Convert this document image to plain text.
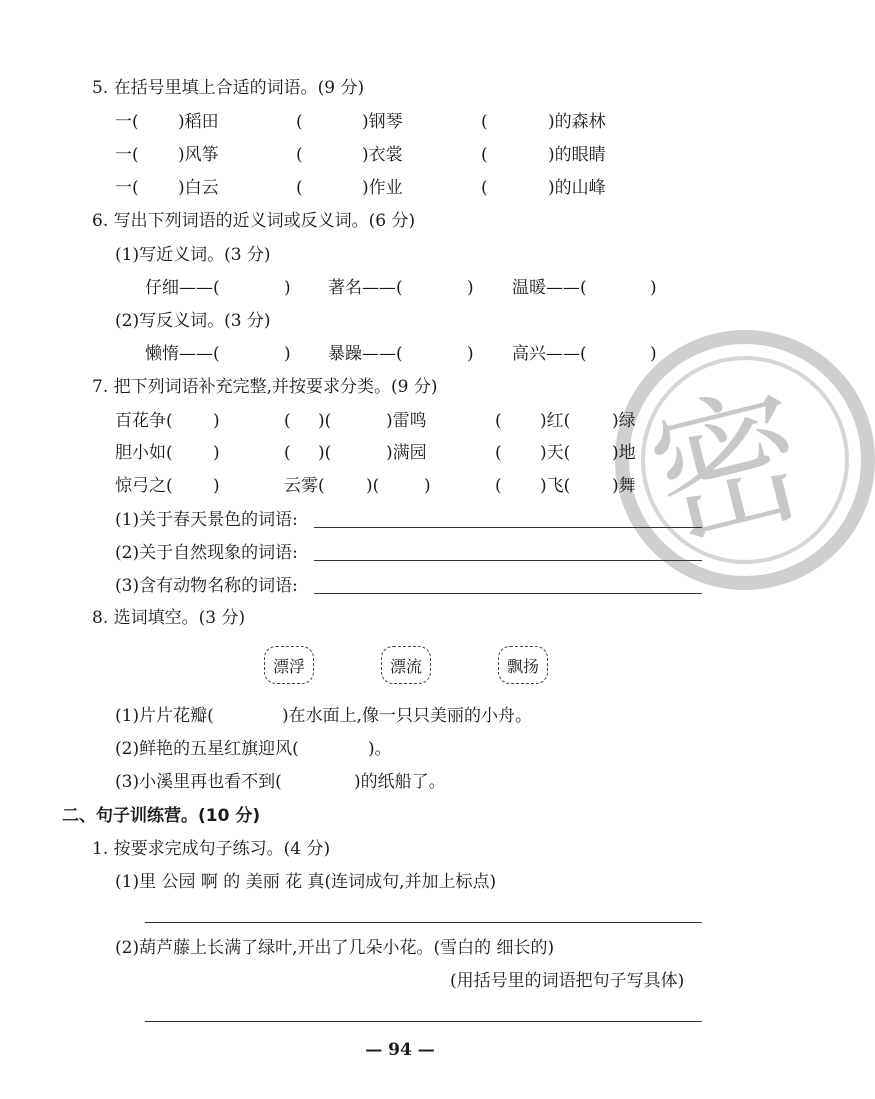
密
5. 在括号里填上合适的词语。(9 分)
一( )稻田	(	)钢琴	(	)的森林
一( )风筝	(	)衣裳	(	)的眼睛
一( )白云	(	)作业	(	)的山峰
6. 写出下列词语的近义词或反义词。(6 分)
(1)写近义词。(3 分)
仔细——(	) 著名——(	) 温暖——(	)
(2)写反义词。(3 分)
懒惰——(	) 暴躁——(	) 高兴——(	)
7. 把下列词语补充完整,并按要求分类。(9 分)
百花争( )	( )(	)雷鸣	( )红( )绿
胆小如( )	( )(	)满园	( )天( )地
惊弓之( )	云雾( )(	)	( )飞( )舞
(1)关于春天景色的词语:
(2)关于自然现象的词语:
(3)含有动物名称的词语:
8. 选词填空。(3 分)
漂浮	漂流	飘扬
(1)片片花瓣(	)在水面上,像一只只美丽的小舟。
(2)鲜艳的五星红旗迎风(	)。
(3)小溪里再也看不到(	)的纸船了。
二、句子训练营。(10 分)
1. 按要求完成句子练习。(4 分)
(1)里 公园 啊 的 美丽 花 真(连词成句,并加上标点)
(2)葫芦藤上长满了绿叶,开出了几朵小花。(雪白的 细长的)
(用括号里的词语把句子写具体)
— 94 —
